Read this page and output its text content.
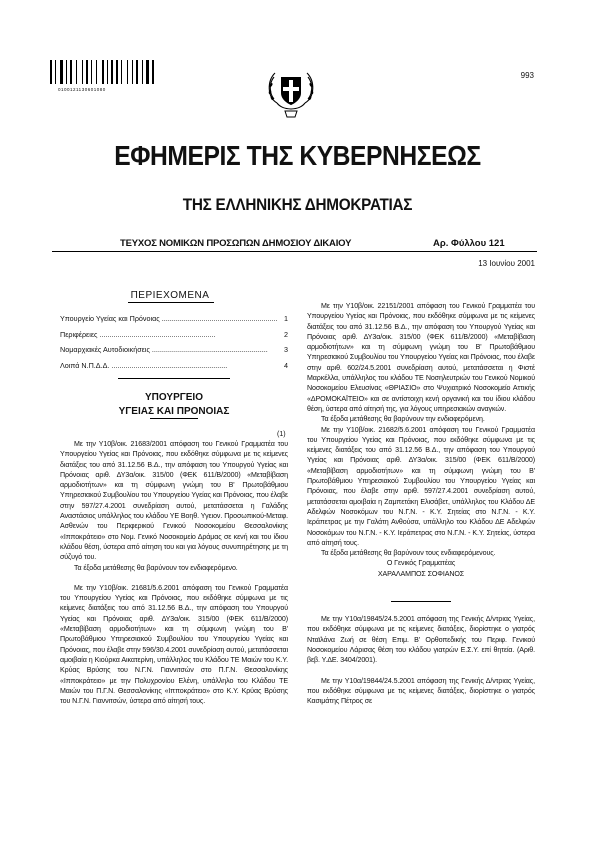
0100121130601080
993
ΕΦΗΜΕΡΙΣ ΤΗΣ ΚΥΒΕΡΝΗΣΕΩΣ
ΤΗΣ ΕΛΛΗΝΙΚΗΣ ΔΗΜΟΚΡΑΤΙΑΣ
ΤΕΥΧΟΣ ΝΟΜΙΚΩΝ ΠΡΟΣΩΠΩΝ ΔΗΜΟΣΙΟΥ ΔΙΚΑΙΟΥ	Αρ. Φύλλου 121
13 Ιουνίου 2001
ΠΕΡΙΕΧΟΜΕΝΑ
Υπουργείο Υγείας και Πρόνοιας .......................................................... 1
Περιφέρειες ..........................................................	2
Νομαρχιακές Αυτοδιοικήσεις ..........................................................	3
Λοιπά Ν.Π.Δ.Δ. ..........................................................	4
ΥΠΟΥΡΓΕΙΟ
ΥΓΕΙΑΣ ΚΑΙ ΠΡΟΝΟΙΑΣ
(1)

Με την Υ10β/οικ. 21683/2001 απόφαση του Γενικού Γραμματέα του Υπουργείου Υγείας και Πρόνοιας, που εκδόθηκε σύμφωνα με τις κείμενες διατάξεις του από 31.12.56 Β.Δ., την απόφαση του Υπουργού Υγείας και Πρόνοιας αριθ. ΔΥ3α/οικ. 315/00 (ΦΕΚ 611/Β/2000) «Μεταβίβαση αρμοδιοτήτων» και τη σύμφωνη γνώμη του Β' Πρωτοβάθμιου Υπηρεσιακού Συμβουλίου του Υπουργείου Υγείας και Πρόνοιας, που έλαβε στην 597/27.4.2001 συνεδρίαση αυτού, μετατάσσεται η Γαλάδης Αναστάσιος υπάλληλος του κλάδου ΥΕ Βοηθ. Υγειον. Προσωπικού-Μεταφ. Ασθενών του Περιφερικού Γενικού Νοσοκομείου Θεσσαλονίκης «Ιπποκράτειο» στο Νομ. Γενικό Νοσοκομείο Δράμας σε κενή και του ίδιου κλάδου θέση, ύστερα από αίτηση του και για λόγους συνυπηρέτησης με τη σύζυγό του.

Τα έξοδα μετάθεσης θα βαρύνουν τον ενδιαφερόμενο.

Με την Υ10β/οικ. 21681/5.6.2001 απόφαση του Γενικού Γραμματέα του Υπουργείου Υγείας και Πρόνοιας, που εκδόθηκε σύμφωνα με τις κείμενες διατάξεις του από 31.12.56 Β.Δ., την απόφαση του Υπουργού Υγείας και Πρόνοιας αριθ. ΔΥ3α/οικ. 315/00 (ΦΕΚ 611/Β/2000) «Μεταβίβαση αρμοδιοτήτων» και τη σύμφωνη γνώμη του Β' Πρωτοβάθμιου Υπηρεσιακού Συμβουλίου του Υπουργείου Υγείας και Πρόνοιας, που έλαβε στην 596/30.4.2001 συνεδρίαση αυτού, μετατάσσεται αμοιβαία η Κιούρκα Αικατερίνη, υπάλληλος του Κλάδου ΤΕ Μαιών του Κ.Υ. Κρύας Βρύσης του Ν.Γ.Ν. Γιαννιτσών στο Π.Γ.Ν. Θεσσαλονίκης «Ιπποκράτειο» με την Πολυχρονίου Ελένη, υπάλληλο του Κλάδου ΤΕ Μαιών του Π.Γ.Ν. Θεσσαλονίκης «Ιπποκράτειο» στο Κ.Υ. Κρύας Βρύσης του Ν.Γ.Ν. Γιαννιτσών, ύστερα από αίτησή τους.

Με την Υ10β/οικ. 22151/2001 απόφαση του Γενικού Γραμματέα του Υπουργείου Υγείας και Πρόνοιας, που εκδόθηκε σύμφωνα με τις κείμενες διατάξεις του από 31.12.56 Β.Δ., την απόφαση του Υπουργού Υγείας και Πρόνοιας αριθ. ΔΥ3α/οικ. 315/00 (ΦΕΚ 611/Β/2000) «Μεταβίβαση αρμοδιοτήτων» και τη σύμφωνη γνώμη του Β' Πρωτοβάθμιου Υπηρεσιακού Συμβουλίου του Υπουργείου Υγείας και Πρόνοιας, που έλαβε στην αριθ. 602/24.5.2001 συνεδρίαση αυτού, μετατάσσεται η Φιστέ Μαρκέλλα, υπάλληλος του κλάδου ΤΕ Νοσηλευτριών του Γενικού Νομικού Νοσοκομείου Ελευσίνας «ΘΡΙΑΣΙΟ» στο Ψυχιατρικό Νοσοκομείο Αττικής «ΔΡΟΜΟΚΑΪΤΕΙΟ» και σε αντίστοιχη κενή οργανική και του ίδιου κλάδου θέση, ύστερα από αίτησή της, για λόγους υπηρεσιακών αναγκών.

Τα έξοδα μετάθεσης θα βαρύνουν την ενδιαφερόμενη.

Με την Υ10β/οικ. 21682/5.6.2001 απόφαση του Γενικού Γραμματέα του Υπουργείου Υγείας και Πρόνοιας, που εκδόθηκε σύμφωνα με τις κείμενες διατάξεις του από 31.12.56 Β.Δ., την απόφαση του Υπουργού Υγείας και Πρόνοιας αριθ. ΔΥ3α/οικ. 315/00 (ΦΕΚ 611/Β/2000) «Μεταβίβαση αρμοδιοτήτων» και τη σύμφωνη γνώμη του Β' Πρωτοβάθμιου Υπηρεσιακού Συμβουλίου του Υπουργείου Υγείας και Πρόνοιας, που έλαβε στην αριθ. 597/27.4.2001 συνεδρίαση αυτού, μετατάσσεται αμοιβαία η Ζαμπετάκη Ελισάβετ, υπάλληλος του Κλάδου ΔΕ Αδελφών Νοσοκόμων του Ν.Γ.Ν. - Κ.Υ. Σητείας στο Ν.Γ.Ν. - Κ.Υ. Ιεράπετρας με την Γαλάτη Ανθούσα, υπάλληλο του Κλάδου ΔΕ Αδελφών Νοσοκόμων του Ν.Γ.Ν. - Κ.Υ. Ιεράπετρας στο Ν.Γ.Ν. - Κ.Υ. Σητείας, ύστερα από αίτησή τους.

Τα έξοδα μετάθεσης θα βαρύνουν τους ενδιαφερόμενους.

Ο Γενικός Γραμματέας
ΧΑΡΑΛΑΜΠΟΣ ΣΟΦΙΑΝΟΣ

Με την Υ10α/19845/24.5.2001 απόφαση της Γενικής Δ/ντριας Υγείας, που εκδόθηκε σύμφωνα με τις κείμενες διατάξεις, διορίστηκε ο γιατρός Νταϊλάνα Ζωή σε θέση Επιμ. Β' Ορθοπεδικής του Περιφ. Γενικού Νοσοκομείου Λάρισας θέση του κλάδου γιατρών Ε.Σ.Υ. επί θητεία. (Αριθ. βεβ. Υ.ΔΕ. 3404/2001).

Με την Υ10α/19844/24.5.2001 απόφαση της Γενικής Δ/ντριας Υγείας, που εκδόθηκε σύμφωνα με τις κείμενες διατάξεις, διορίστηκε ο γιατρός Κασιμάτης Πέτρος σε
